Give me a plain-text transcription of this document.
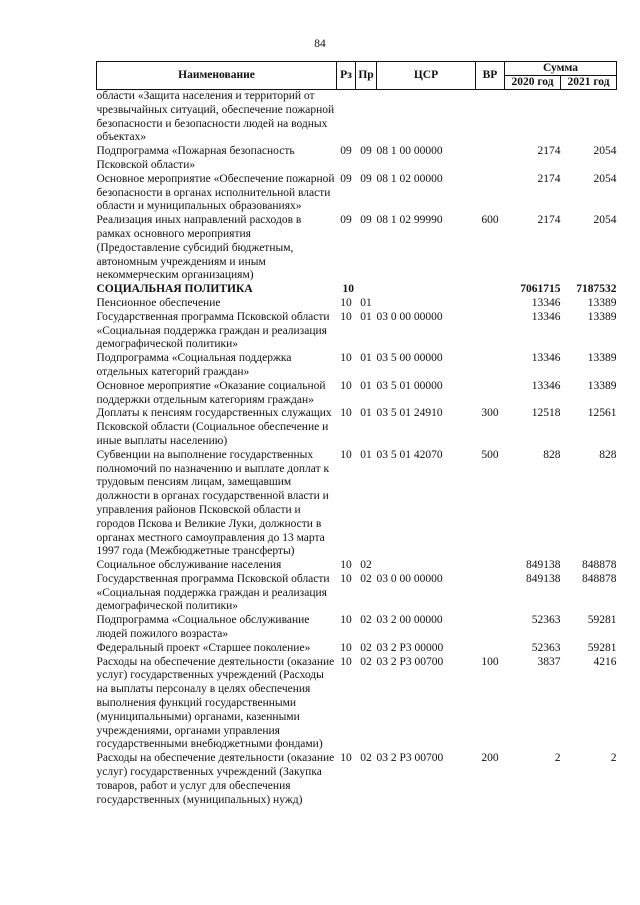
84
Наименование	Рз	Пр	ЦСР	ВР	Сумма	
					2020 год	2021 год
области «Защита населения и территорий от чрезвычайных ситуаций, обеспечение пожарной безопасности и безопасности людей на водных объектах»						
Подпрограмма «Пожарная безопасность Псковской области»	09	09	08 1 00 00000		2174	2054
Основное мероприятие «Обеспечение пожарной безопасности в органах исполнительной власти области и муниципальных образованиях»	09	09	08 1 02 00000		2174	2054
Реализация иных направлений расходов в рамках основного мероприятия (Предоставление субсидий бюджетным, автономным учреждениям и иным некоммерческим организациям)	09	09	08 1 02 99990	600	2174	2054
СОЦИАЛЬНАЯ ПОЛИТИКА	10				7061715	7187532
Пенсионное обеспечение	10	01			13346	13389
Государственная программа Псковской области «Социальная поддержка граждан и реализация демографической политики»	10	01	03 0 00 00000		13346	13389
Подпрограмма «Социальная поддержка отдельных категорий граждан»	10	01	03 5 00 00000		13346	13389
Основное мероприятие «Оказание социальной поддержки отдельным категориям граждан»	10	01	03 5 01 00000		13346	13389
Доплаты к пенсиям государственных служащих Псковской области (Социальное обеспечение и иные выплаты населению)	10	01	03 5 01 24910	300	12518	12561
Субвенции на выполнение государственных полномочий по назначению и выплате доплат к трудовым пенсиям лицам, замещавшим должности в органах государственной власти и управления районов Псковской области и городов Пскова и Великие Луки, должности в органах местного самоуправления до 13 марта 1997 года (Межбюджетные трансферты)	10	01	03 5 01 42070	500	828	828
Социальное обслуживание населения	10	02			849138	848878
Государственная программа Псковской области «Социальная поддержка граждан и реализация демографической политики»	10	02	03 0 00 00000		849138	848878
Подпрограмма «Социальное обслуживание людей пожилого возраста»	10	02	03 2 00 00000		52363	59281
Федеральный проект «Старшее поколение»	10	02	03 2 Р3 00000		52363	59281
Расходы на обеспечение деятельности (оказание услуг) государственных учреждений (Расходы на выплаты персоналу в целях обеспечения выполнения функций государственными (муниципальными) органами, казенными учреждениями, органами управления государственными внебюджетными фондами)	10	02	03 2 Р3 00700	100	3837	4216
Расходы на обеспечение деятельности (оказание услуг) государственных учреждений (Закупка товаров, работ и услуг для обеспечения государственных (муниципальных) нужд)	10	02	03 2 Р3 00700	200	2	2
